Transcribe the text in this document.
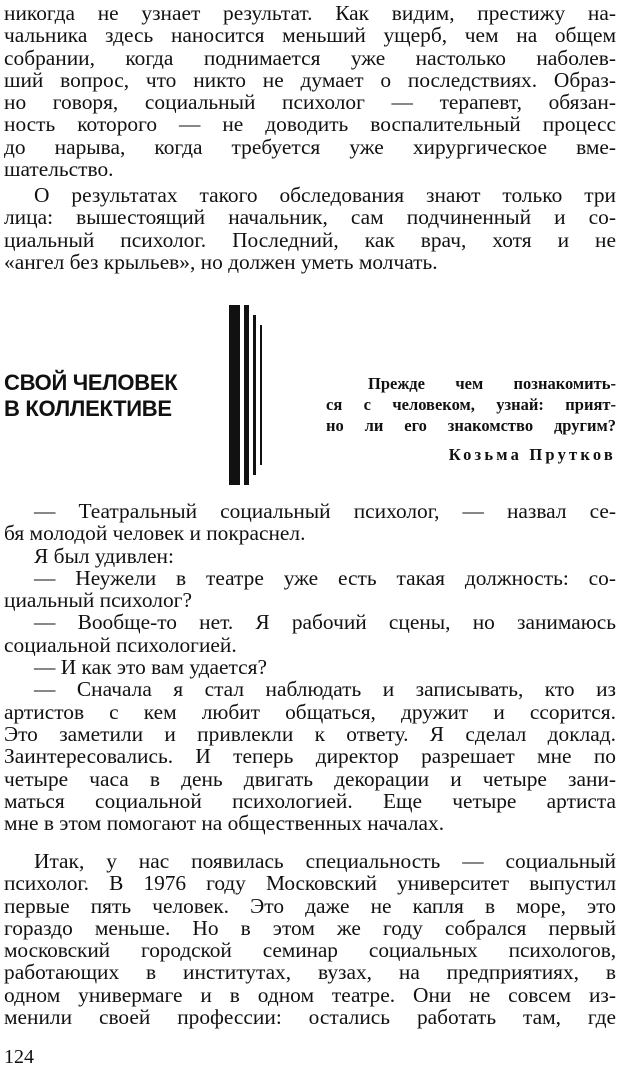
никогда не узнает результат. Как видим, престижу на-
чальника здесь наносится меньший ущерб, чем на общем
собрании, когда поднимается уже настолько наболев-
ший вопрос, что никто не думает о последствиях. Образ-
но говоря, социальный психолог — терапевт, обязан-
ность которого — не доводить воспалительный процесс
до нарыва, когда требуется уже хирургическое вме-
шательство.
О результатах такого обследования знают только три
лица: вышестоящий начальник, сам подчиненный и со-
циальный психолог. Последний, как врач, хотя и не
«ангел без крыльев», но должен уметь молчать.
СВОЙ ЧЕЛОВЕК
В КОЛЛЕКТИВЕ
Прежде чем познакомить-
ся с человеком, узнай: прият-
но ли его знакомство другим?
Козьма Прутков
— Театральный социальный психолог, — назвал се-
бя молодой человек и покраснел.
Я был удивлен:
— Неужели в театре уже есть такая должность: со-
циальный психолог?
— Вообще-то нет. Я рабочий сцены, но занимаюсь
социальной психологией.
— И как это вам удается?
— Сначала я стал наблюдать и записывать, кто из
артистов с кем любит общаться, дружит и ссорится.
Это заметили и привлекли к ответу. Я сделал доклад.
Заинтересовались. И теперь директор разрешает мне по
четыре часа в день двигать декорации и четыре зани-
маться социальной психологией. Еще четыре артиста
мне в этом помогают на общественных началах.
Итак, у нас появилась специальность — социальный
психолог. В 1976 году Московский университет выпустил
первые пять человек. Это даже не капля в море, это
гораздо меньше. Но в этом же году собрался первый
московский городской семинар социальных психологов,
работающих в институтах, вузах, на предприятиях, в
одном универмаге и в одном театре. Они не совсем из-
менили своей профессии: остались работать там, где
124
